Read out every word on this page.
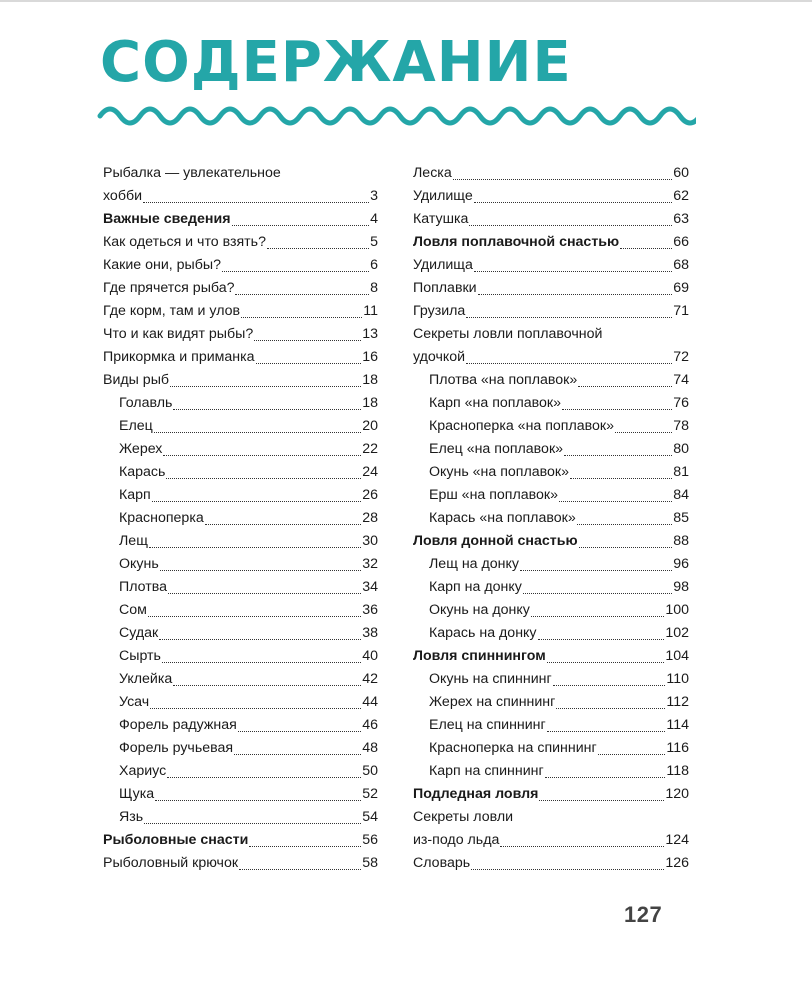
СОДЕРЖАНИЕ
Рыбалка — увлекательное
хобби	3
Важные сведения	4
Как одеться и что взять?	5
Какие они, рыбы?	6
Где прячется рыба?	8
Где корм, там и улов	11
Что и как видят рыбы?	13
Прикормка и приманка	16
Виды рыб	18
Голавль	18
Елец	20
Жерех	22
Карась	24
Карп	26
Красноперка	28
Лещ	30
Окунь	32
Плотва	34
Сом	36
Судак	38
Сырть	40
Уклейка	42
Усач	44
Форель радужная	46
Форель ручьевая	48
Хариус	50
Щука	52
Язь	54
Рыболовные снасти	56
Рыболовный крючок	58
Леска	60
Удилище	62
Катушка	63
Ловля поплавочной снастью	66
Удилища	68
Поплавки	69
Грузила	71
Секреты ловли поплавочной
удочкой	72
Плотва «на поплавок»	74
Карп «на поплавок»	76
Красноперка «на поплавок»	78
Елец «на поплавок»	80
Окунь «на поплавок»	81
Ерш «на поплавок»	84
Карась «на поплавок»	85
Ловля донной снастью	88
Лещ на донку	96
Карп на донку	98
Окунь на донку	100
Карась на донку	102
Ловля спиннингом	104
Окунь на спиннинг	110
Жерех на спиннинг	112
Елец на спиннинг	114
Красноперка на спиннинг	116
Карп на спиннинг	118
Подледная ловля	120
Секреты ловли
из-подо льда	124
Словарь	126

127
